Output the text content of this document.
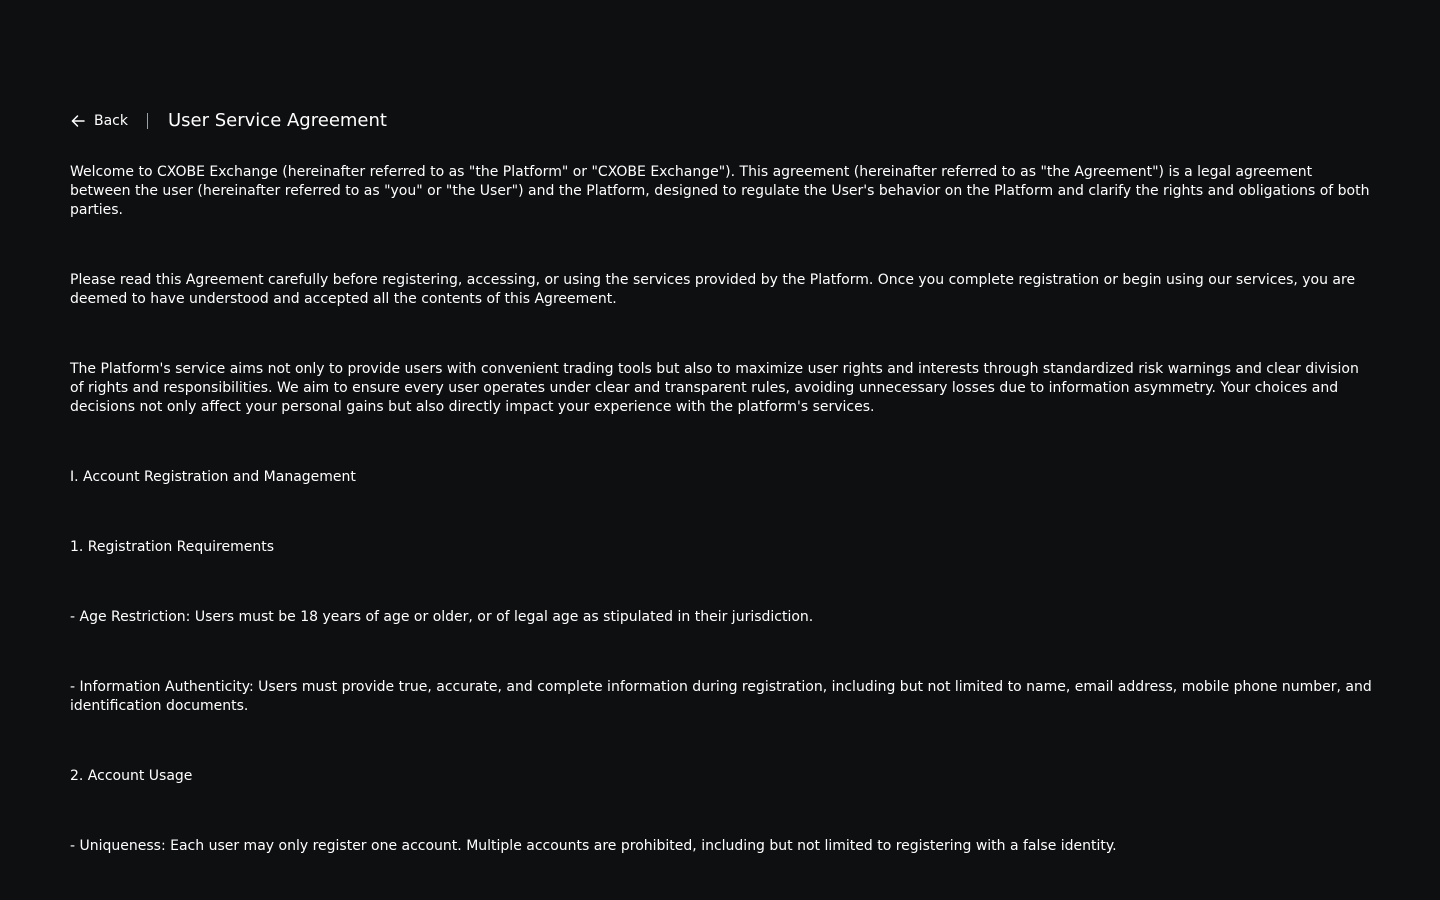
Back User Service Agreement

Welcome to CXOBE Exchange (hereinafter referred to as "the Platform" or "CXOBE Exchange"). This agreement (hereinafter referred to as "the Agreement") is a legal agreement between the user (hereinafter referred to as "you" or "the User") and the Platform, designed to regulate the User's behavior on the Platform and clarify the rights and obligations of both parties.

Please read this Agreement carefully before registering, accessing, or using the services provided by the Platform. Once you complete registration or begin using our services, you are deemed to have understood and accepted all the contents of this Agreement.

The Platform's service aims not only to provide users with convenient trading tools but also to maximize user rights and interests through standardized risk warnings and clear division of rights and responsibilities. We aim to ensure every user operates under clear and transparent rules, avoiding unnecessary losses due to information asymmetry. Your choices and decisions not only affect your personal gains but also directly impact your experience with the platform's services.

I. Account Registration and Management

1. Registration Requirements

- Age Restriction: Users must be 18 years of age or older, or of legal age as stipulated in their jurisdiction.

- Information Authenticity: Users must provide true, accurate, and complete information during registration, including but not limited to name, email address, mobile phone number, and identification documents.

2. Account Usage

- Uniqueness: Each user may only register one account. Multiple accounts are prohibited, including but not limited to registering with a false identity.
